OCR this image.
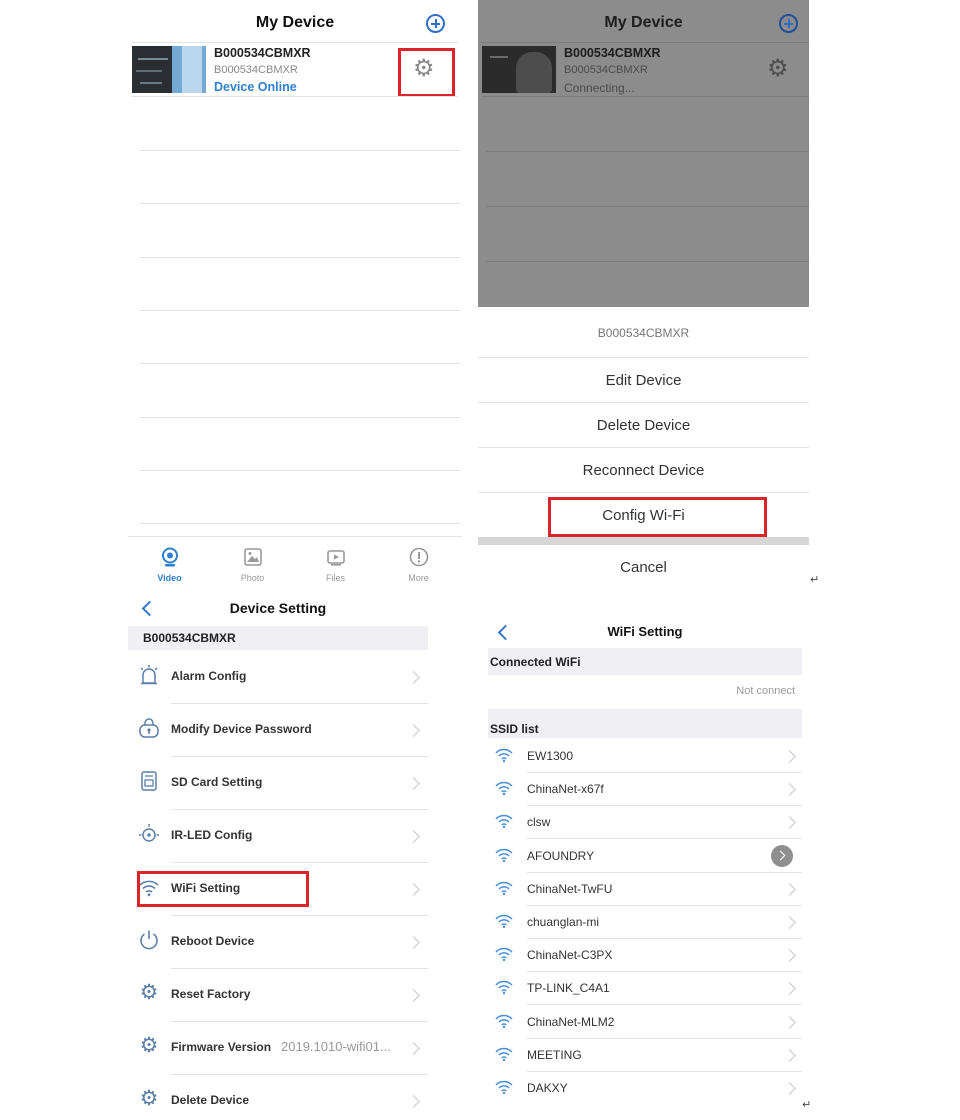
My Device
B000534CBMXR
B000534CBMXR
Device Online
⚙
Video	Photo	Files	More
My Device
B000534CBMXR
B000534CBMXR
Connecting...
⚙
B000534CBMXR
Edit Device
Delete Device
Reconnect Device
Config Wi-Fi
Cancel
↵
Device Setting
B000534CBMXR
Alarm Config
Modify Device Password
SD Card Setting
IR-LED Config
WiFi Setting
Reboot Device
⚙ Reset Factory
⚙ Firmware Version 2019.1010-wifi01...
⚙ Delete Device
WiFi Setting
Connected WiFi
Not connect
SSID list
EW1300
ChinaNet-x67f
clsw
AFOUNDRY
ChinaNet-TwFU
chuanglan-mi
ChinaNet-C3PX
TP-LINK_C4A1
ChinaNet-MLM2
MEETING
DAKXY
↵
